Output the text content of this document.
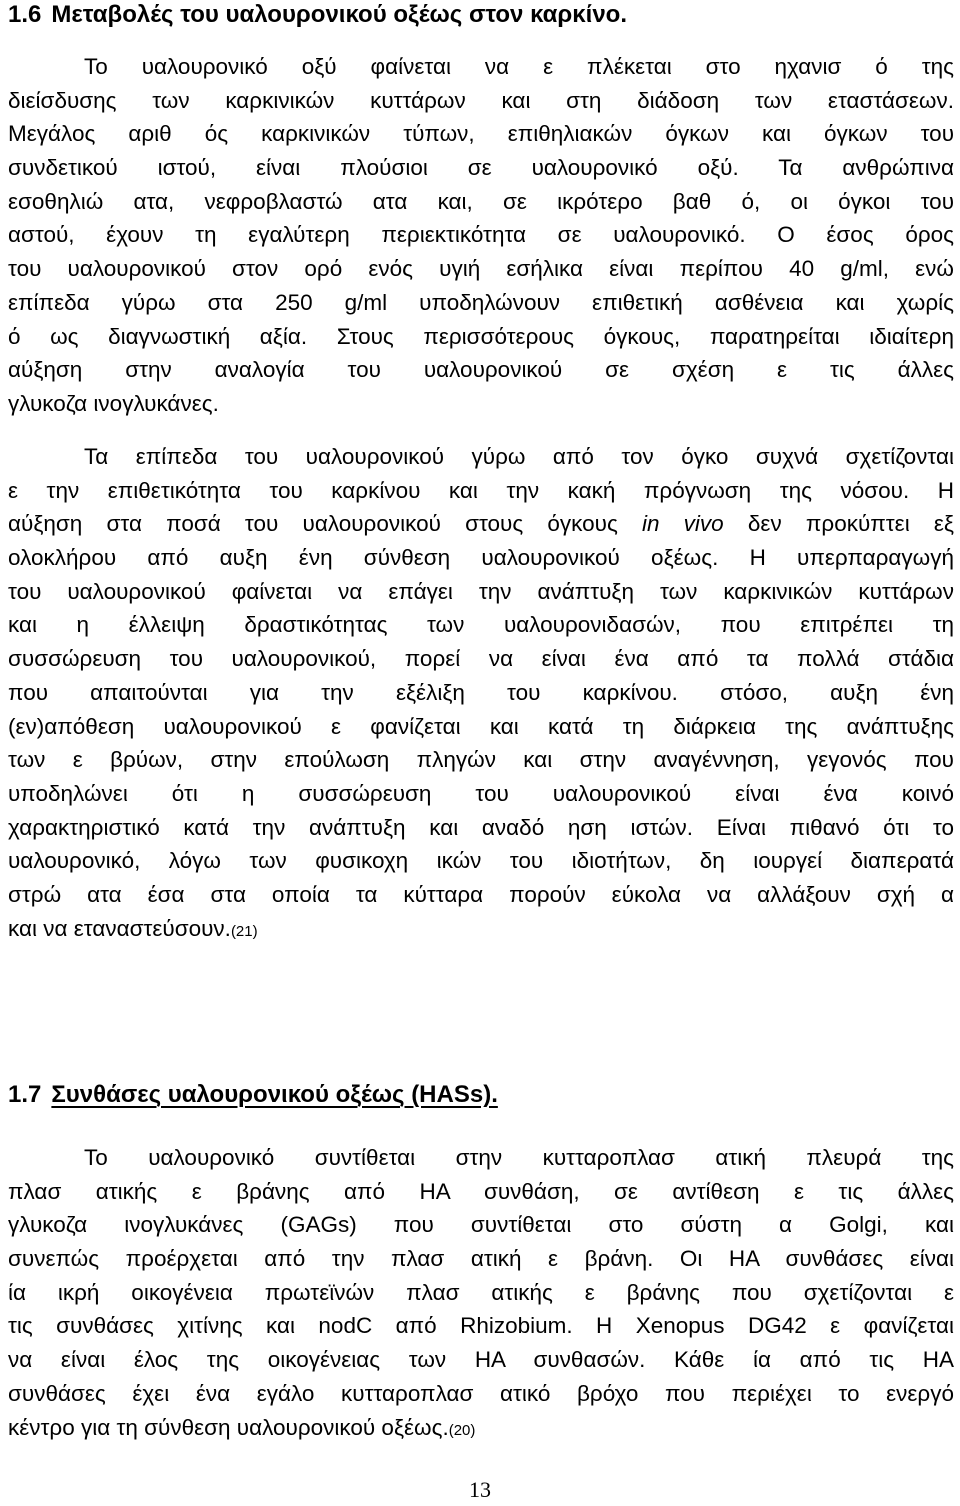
1.6 Μεταβολές του υαλουρονικού οξέως στον καρκίνο.

Το υαλουρονικό οξύ φαίνεται να ε πλέκεται στο ηχανισ ό της
διείσδυσης των καρκινικών κυττάρων και στη διάδοση των εταστάσεων.
Μεγάλος αριθ ός καρκινικών τύπων, επιθηλιακών όγκων και όγκων του
συνδετικού ιστού, είναι πλούσιοι σε υαλουρονικό οξύ. Τα ανθρώπινα
εσοθηλιώ ατα, νεφροβλαστώ ατα και, σε ικρότερο βαθ ό, οι όγκοι του
αστού, έχουν τη εγαλύτερη περιεκτικότητα σε υαλουρονικό. Ο έσος όρος
του υαλουρονικού στον ορό ενός υγιή εσήλικα είναι περίπου 40 g/ml, ενώ
επίπεδα γύρω στα 250 g/ml υποδηλώνουν επιθετική ασθένεια και χωρίς
ό ως διαγνωστική αξία. Στους περισσότερους όγκους, παρατηρείται ιδιαίτερη
αύξηση στην αναλογία του υαλουρονικού σε σχέση ε τις άλλες
γλυκοζα ινογλυκάνες.

Τα επίπεδα του υαλουρονικού γύρω από τον όγκο συχνά σχετίζονται
ε την επιθετικότητα του καρκίνου και την κακή πρόγνωση της νόσου. Η
αύξηση στα ποσά του υαλουρονικού στους όγκους in vivo δεν προκύπτει εξ
ολοκλήρου από αυξη ένη σύνθεση υαλουρονικού οξέως. Η υπερπαραγωγή
του υαλουρονικού φαίνεται να επάγει την ανάπτυξη των καρκινικών κυττάρων
και η έλλειψη δραστικότητας των υαλουρονιδασών, που επιτρέπει τη
συσσώρευση του υαλουρονικού, πορεί να είναι ένα από τα πολλά στάδια
που απαιτούνται για την εξέλιξη του καρκίνου. στόσο, αυξη ένη
(εν)απόθεση υαλουρονικού ε φανίζεται και κατά τη διάρκεια της ανάπτυξης
των ε βρύων, στην επούλωση πληγών και στην αναγέννηση, γεγονός που
υποδηλώνει ότι η συσσώρευση του υαλουρονικού είναι ένα κοινό
χαρακτηριστικό κατά την ανάπτυξη και αναδό ηση ιστών. Είναι πιθανό ότι το
υαλουρονικό, λόγω των φυσικοχη ικών του ιδιοτήτων, δη ιουργεί διαπερατά
στρώ ατα έσα στα οποία τα κύτταρα πορούν εύκολα να αλλάξουν σχή α
και να εταναστεύσουν.(21)

1.7 Συνθάσες υαλουρονικού οξέως (HASs).

Το υαλουρονικό συντίθεται στην κυτταροπλασ ατική πλευρά της
πλασ ατικής ε βράνης από HA συνθάση, σε αντίθεση ε τις άλλες
γλυκοζα ινογλυκάνες (GAGs) που συντίθεται στο σύστη α Golgi, και
συνεπώς προέρχεται από την πλασ ατική ε βράνη. Οι HA συνθάσες είναι
ία ικρή οικογένεια πρωτεϊνών πλασ ατικής ε βράνης που σχετίζονται ε
τις συνθάσες χιτίνης και nodC από Rhizobium. Η Xenopus DG42 ε φανίζεται
να είναι έλος της οικογένειας των HA συνθασών. Κάθε ία από τις HA
συνθάσες έχει ένα εγάλο κυτταροπλασ ατικό βρόχο που περιέχει το ενεργό
κέντρο για τη σύνθεση υαλουρονικού οξέως.(20)

13
